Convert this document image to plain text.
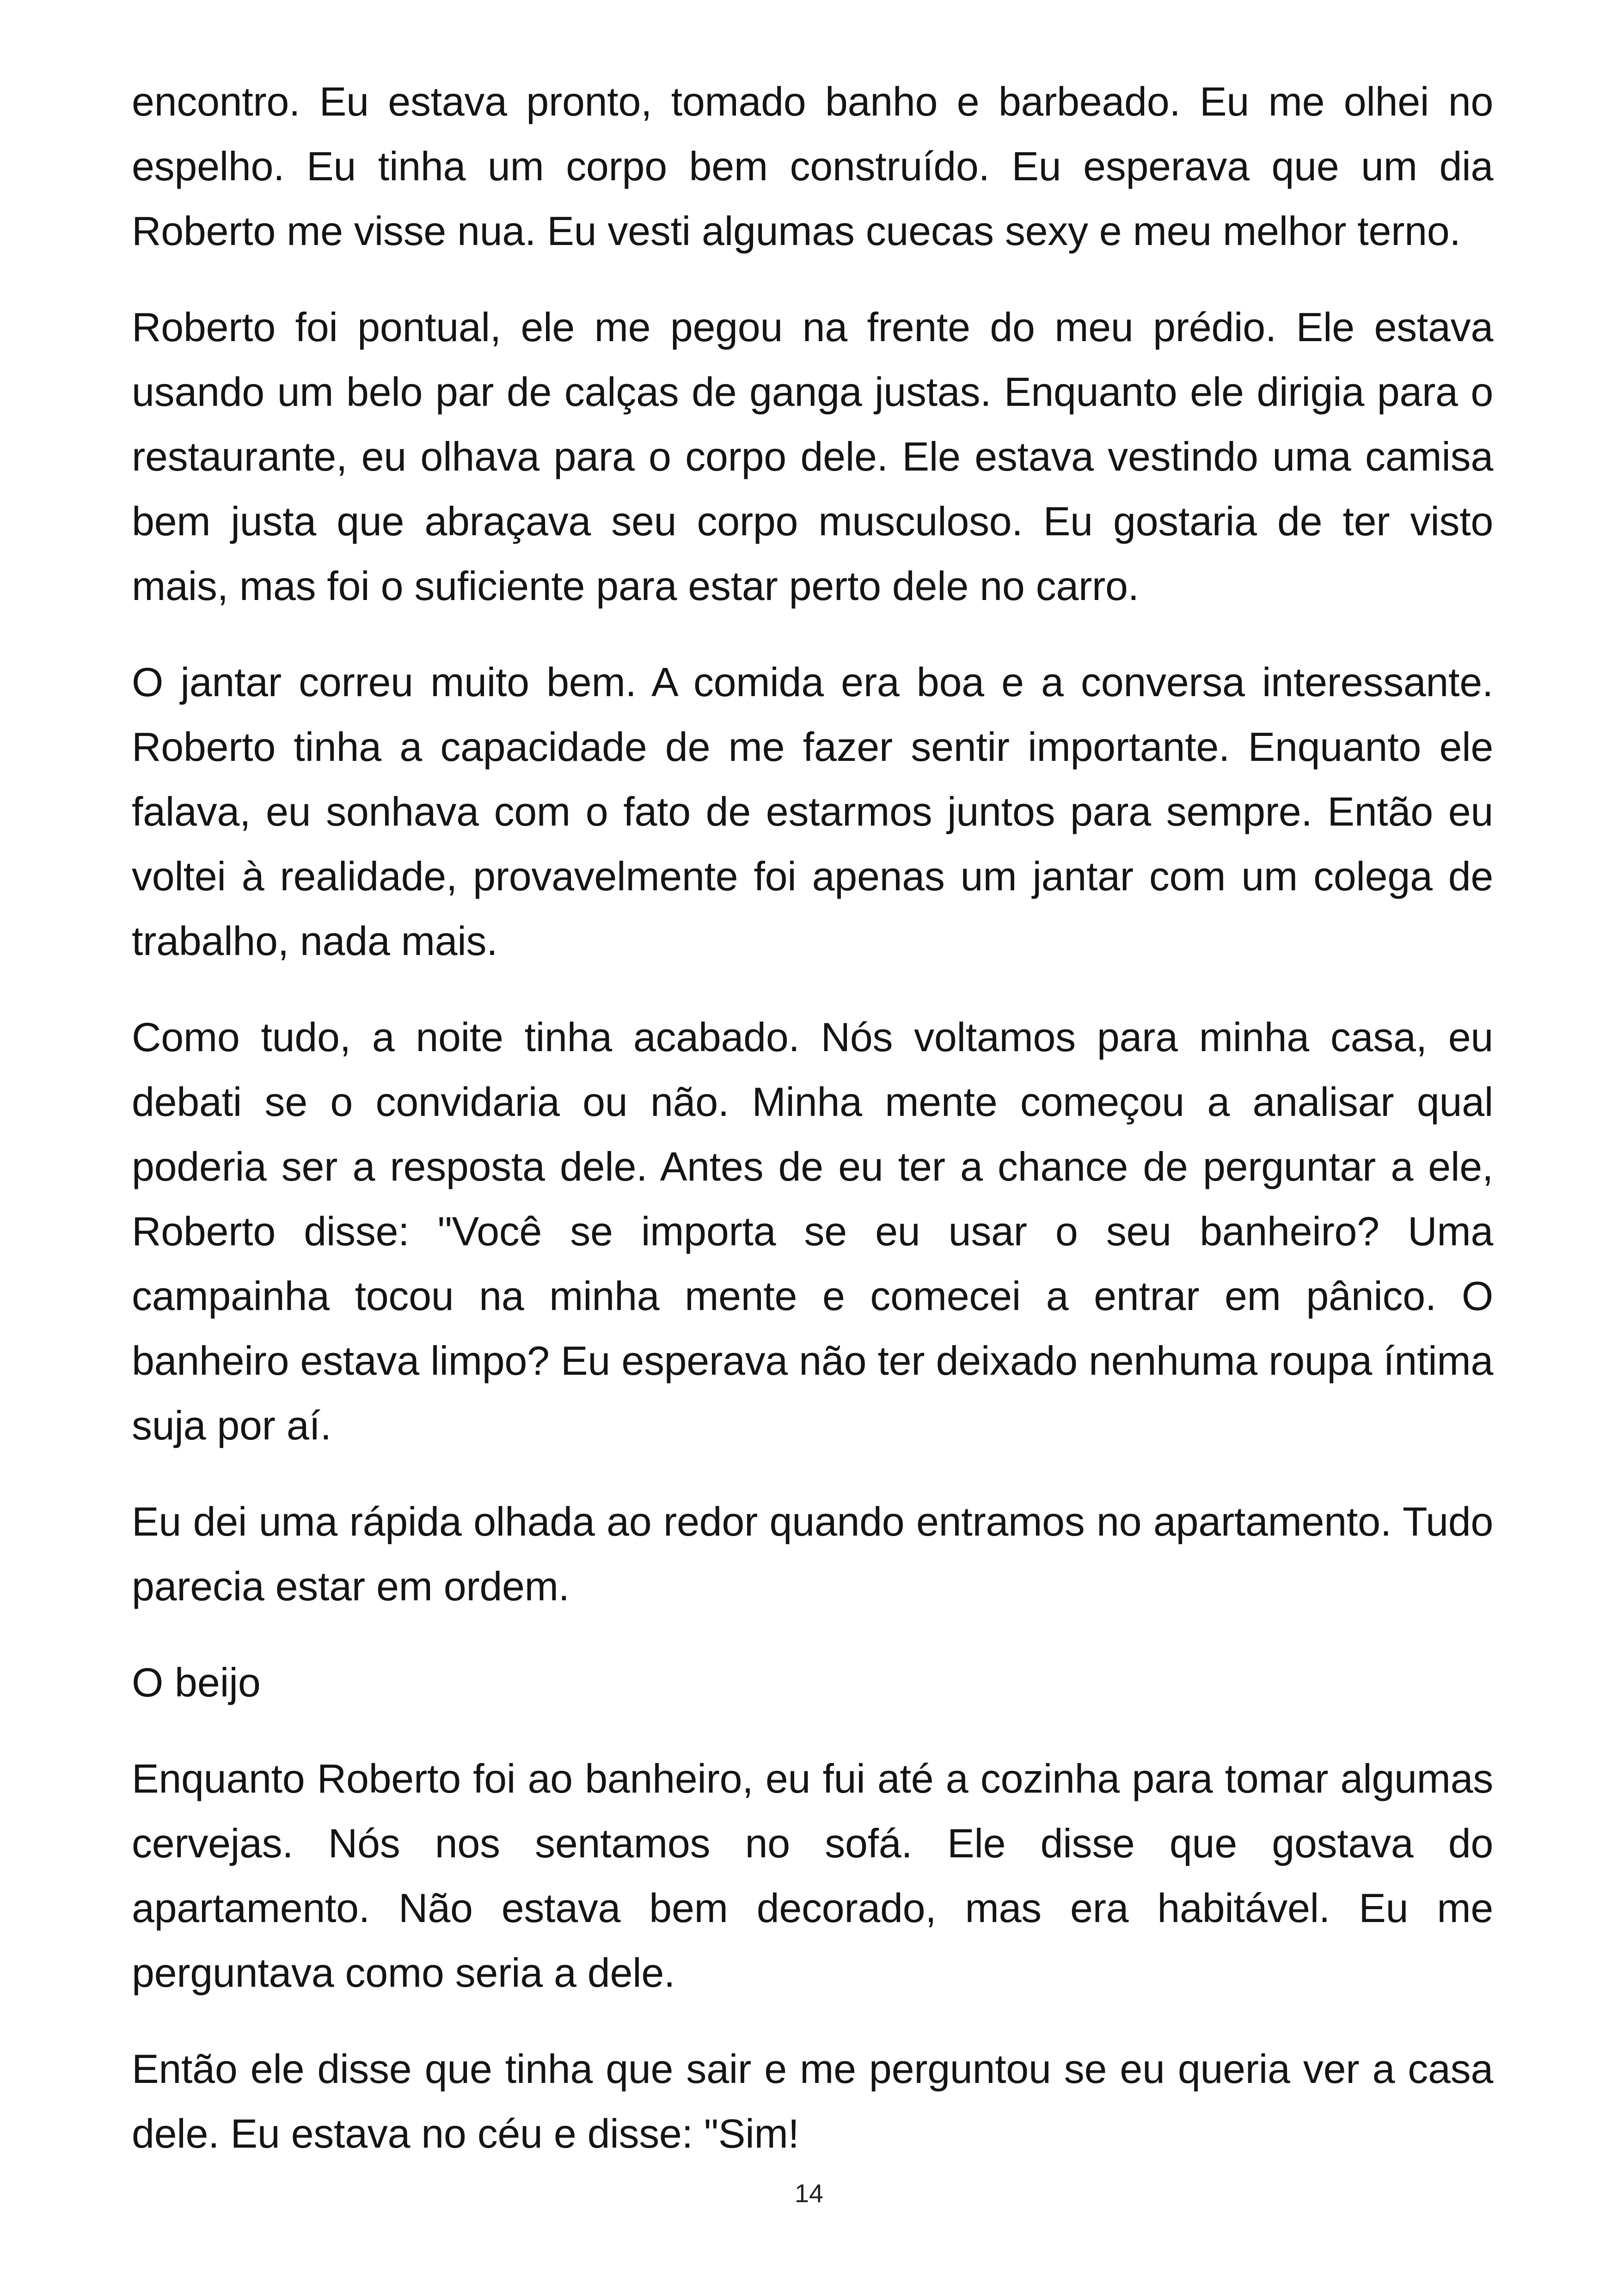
encontro. Eu estava pronto, tomado banho e barbeado. Eu me olhei no espelho. Eu tinha um corpo bem construído. Eu esperava que um dia Roberto me visse nua. Eu vesti algumas cuecas sexy e meu melhor terno.

Roberto foi pontual, ele me pegou na frente do meu prédio. Ele estava usando um belo par de calças de ganga justas. Enquanto ele dirigia para o restaurante, eu olhava para o corpo dele. Ele estava vestindo uma camisa bem justa que abraçava seu corpo musculoso. Eu gostaria de ter visto mais, mas foi o suficiente para estar perto dele no carro.

O jantar correu muito bem. A comida era boa e a conversa interessante. Roberto tinha a capacidade de me fazer sentir importante. Enquanto ele falava, eu sonhava com o fato de estarmos juntos para sempre. Então eu voltei à realidade, provavelmente foi apenas um jantar com um colega de trabalho, nada mais.

Como tudo, a noite tinha acabado. Nós voltamos para minha casa, eu debati se o convidaria ou não. Minha mente começou a analisar qual poderia ser a resposta dele. Antes de eu ter a chance de perguntar a ele, Roberto disse: "Você se importa se eu usar o seu banheiro? Uma campainha tocou na minha mente e comecei a entrar em pânico. O banheiro estava limpo? Eu esperava não ter deixado nenhuma roupa íntima suja por aí.

Eu dei uma rápida olhada ao redor quando entramos no apartamento. Tudo parecia estar em ordem.

O beijo

Enquanto Roberto foi ao banheiro, eu fui até a cozinha para tomar algumas cervejas. Nós nos sentamos no sofá. Ele disse que gostava do apartamento. Não estava bem decorado, mas era habitável. Eu me perguntava como seria a dele.

Então ele disse que tinha que sair e me perguntou se eu queria ver a casa dele. Eu estava no céu e disse: "Sim!

14
